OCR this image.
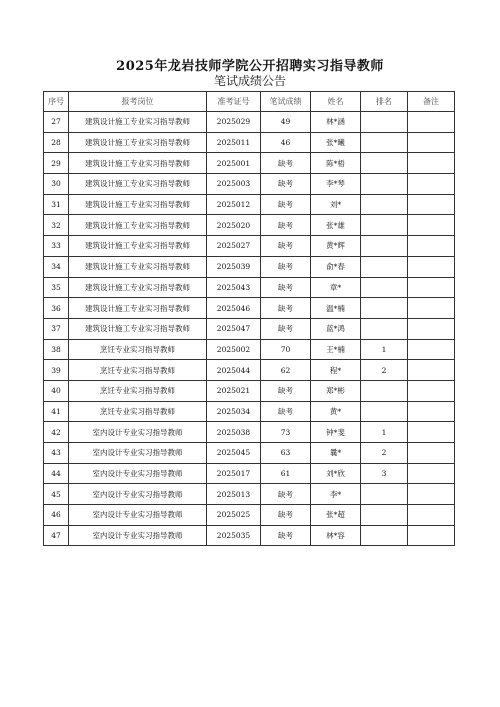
2025年龙岩技师学院公开招聘实习指导教师
笔试成绩公告
序号	报考岗位	准考证号	笔试成绩	姓名	排名	备注
27	建筑设计施工专业实习指导教师	2025029	49	林*涵		
28	建筑设计施工专业实习指导教师	2025011	46	张*曦		
29	建筑设计施工专业实习指导教师	2025001	缺考	陈*梧		
30	建筑设计施工专业实习指导教师	2025003	缺考	李*琴		
31	建筑设计施工专业实习指导教师	2025012	缺考	刘*		
32	建筑设计施工专业实习指导教师	2025020	缺考	张*雄		
33	建筑设计施工专业实习指导教师	2025027	缺考	黄*辉		
34	建筑设计施工专业实习指导教师	2025039	缺考	俞*春		
35	建筑设计施工专业实习指导教师	2025043	缺考	章*		
36	建筑设计施工专业实习指导教师	2025046	缺考	温*楠		
37	建筑设计施工专业实习指导教师	2025047	缺考	蓝*鸿		
38	烹饪专业实习指导教师	2025002	70	王*楠	1	
39	烹饪专业实习指导教师	2025044	62	程*	2	
40	烹饪专业实习指导教师	2025021	缺考	郑*彬		
41	烹饪专业实习指导教师	2025034	缺考	黄*		
42	室内设计专业实习指导教师	2025038	73	钟*斐	1	
43	室内设计专业实习指导教师	2025045	63	曩*	2	
44	室内设计专业实习指导教师	2025017	61	刘*欣	3	
45	室内设计专业实习指导教师	2025013	缺考	李*		
46	室内设计专业实习指导教师	2025025	缺考	张*超		
47	室内设计专业实习指导教师	2025035	缺考	林*容		
